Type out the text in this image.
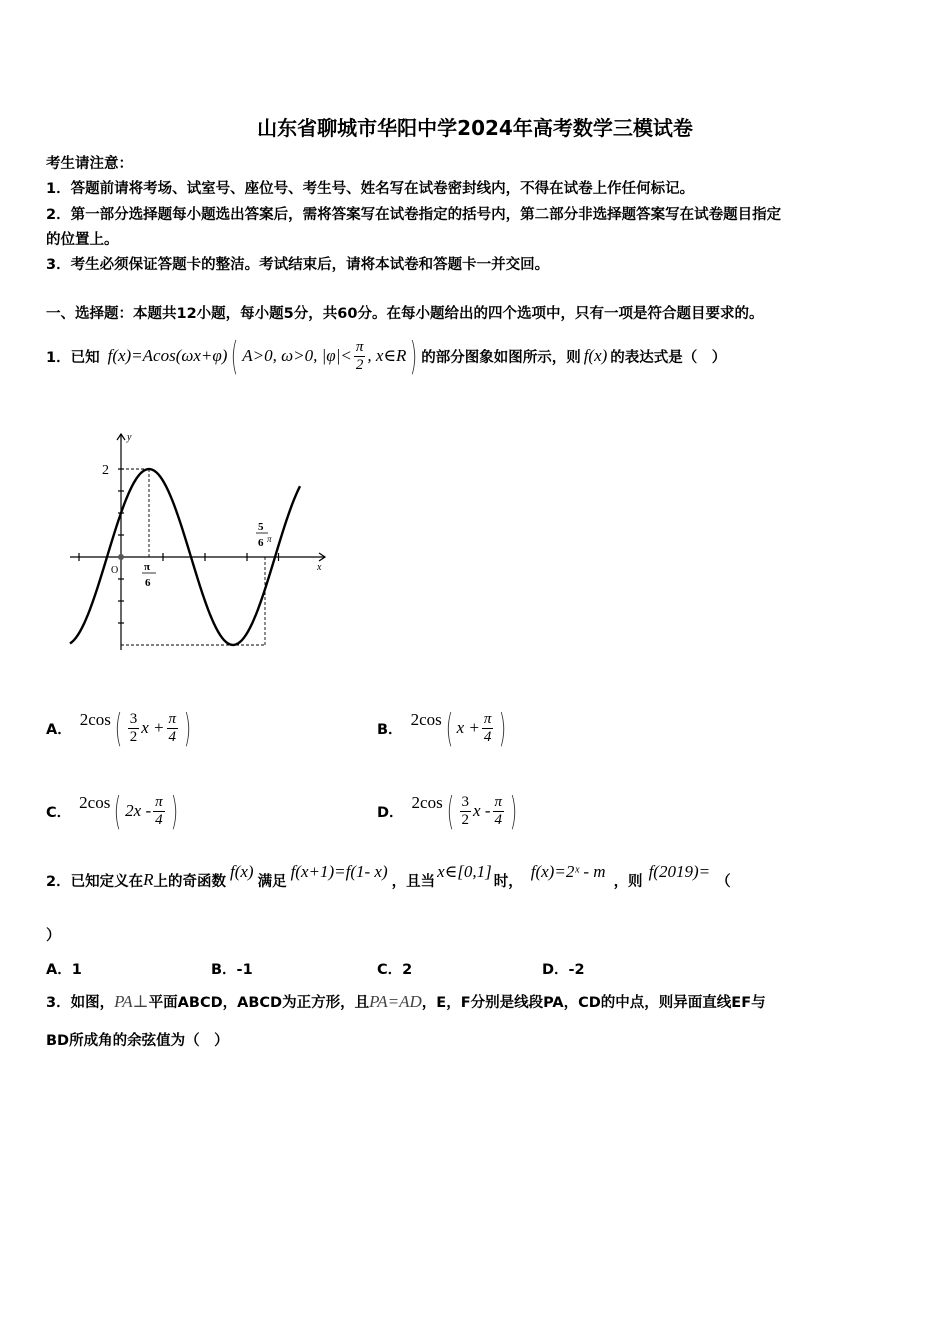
山东省聊城市华阳中学2024年高考数学三模试卷
考生请注意：
1．答题前请将考场、试室号、座位号、考生号、姓名写在试卷密封线内，不得在试卷上作任何标记。
2．第一部分选择题每小题选出答案后，需将答案写在试卷指定的括号内，第二部分非选择题答案写在试卷题目指定
的位置上。
3．考生必须保证答题卡的整洁。考试结束后，请将本试卷和答题卡一并交回。
一、选择题：本题共12小题，每小题5分，共60分。在每小题给出的四个选项中，只有一项是符合题目要求的。
1．已知 f(x)=Acos(ωx+φ) ( A>0, ω>0, $|\varphi|< \frac{\pi}{2}$ , x∈R ) 的部分图象如图所示，则 f(x) 的表达式是（　）
y
x
O
2
π
6
5
6 π
A．
2cos ( $\frac{3}{2}$ $x + \frac{\pi}{4}$ )	B．
2cos ( $x + \frac{\pi}{4}$ )
C．
2cos ( $2x - \frac{\pi}{4}$ )	D．
2cos ( $\frac{3}{2}$ x - $\frac{\pi}{4}$ )
2．已知定义在 R 上的奇函数
f(x)
满足
f(x+1)=f(1- x)
，且当
x∈[0,1]
时，
f(x)=2ˣ - m
，则
f(2019)=
（
）
A．1	B．-1	C．2	D．-2
3．如图，PA⊥平面ABCD，ABCD为正方形，且PA=AD，E，F分别是线段PA，CD的中点，则异面直线EF与
BD所成角的余弦值为（　）
